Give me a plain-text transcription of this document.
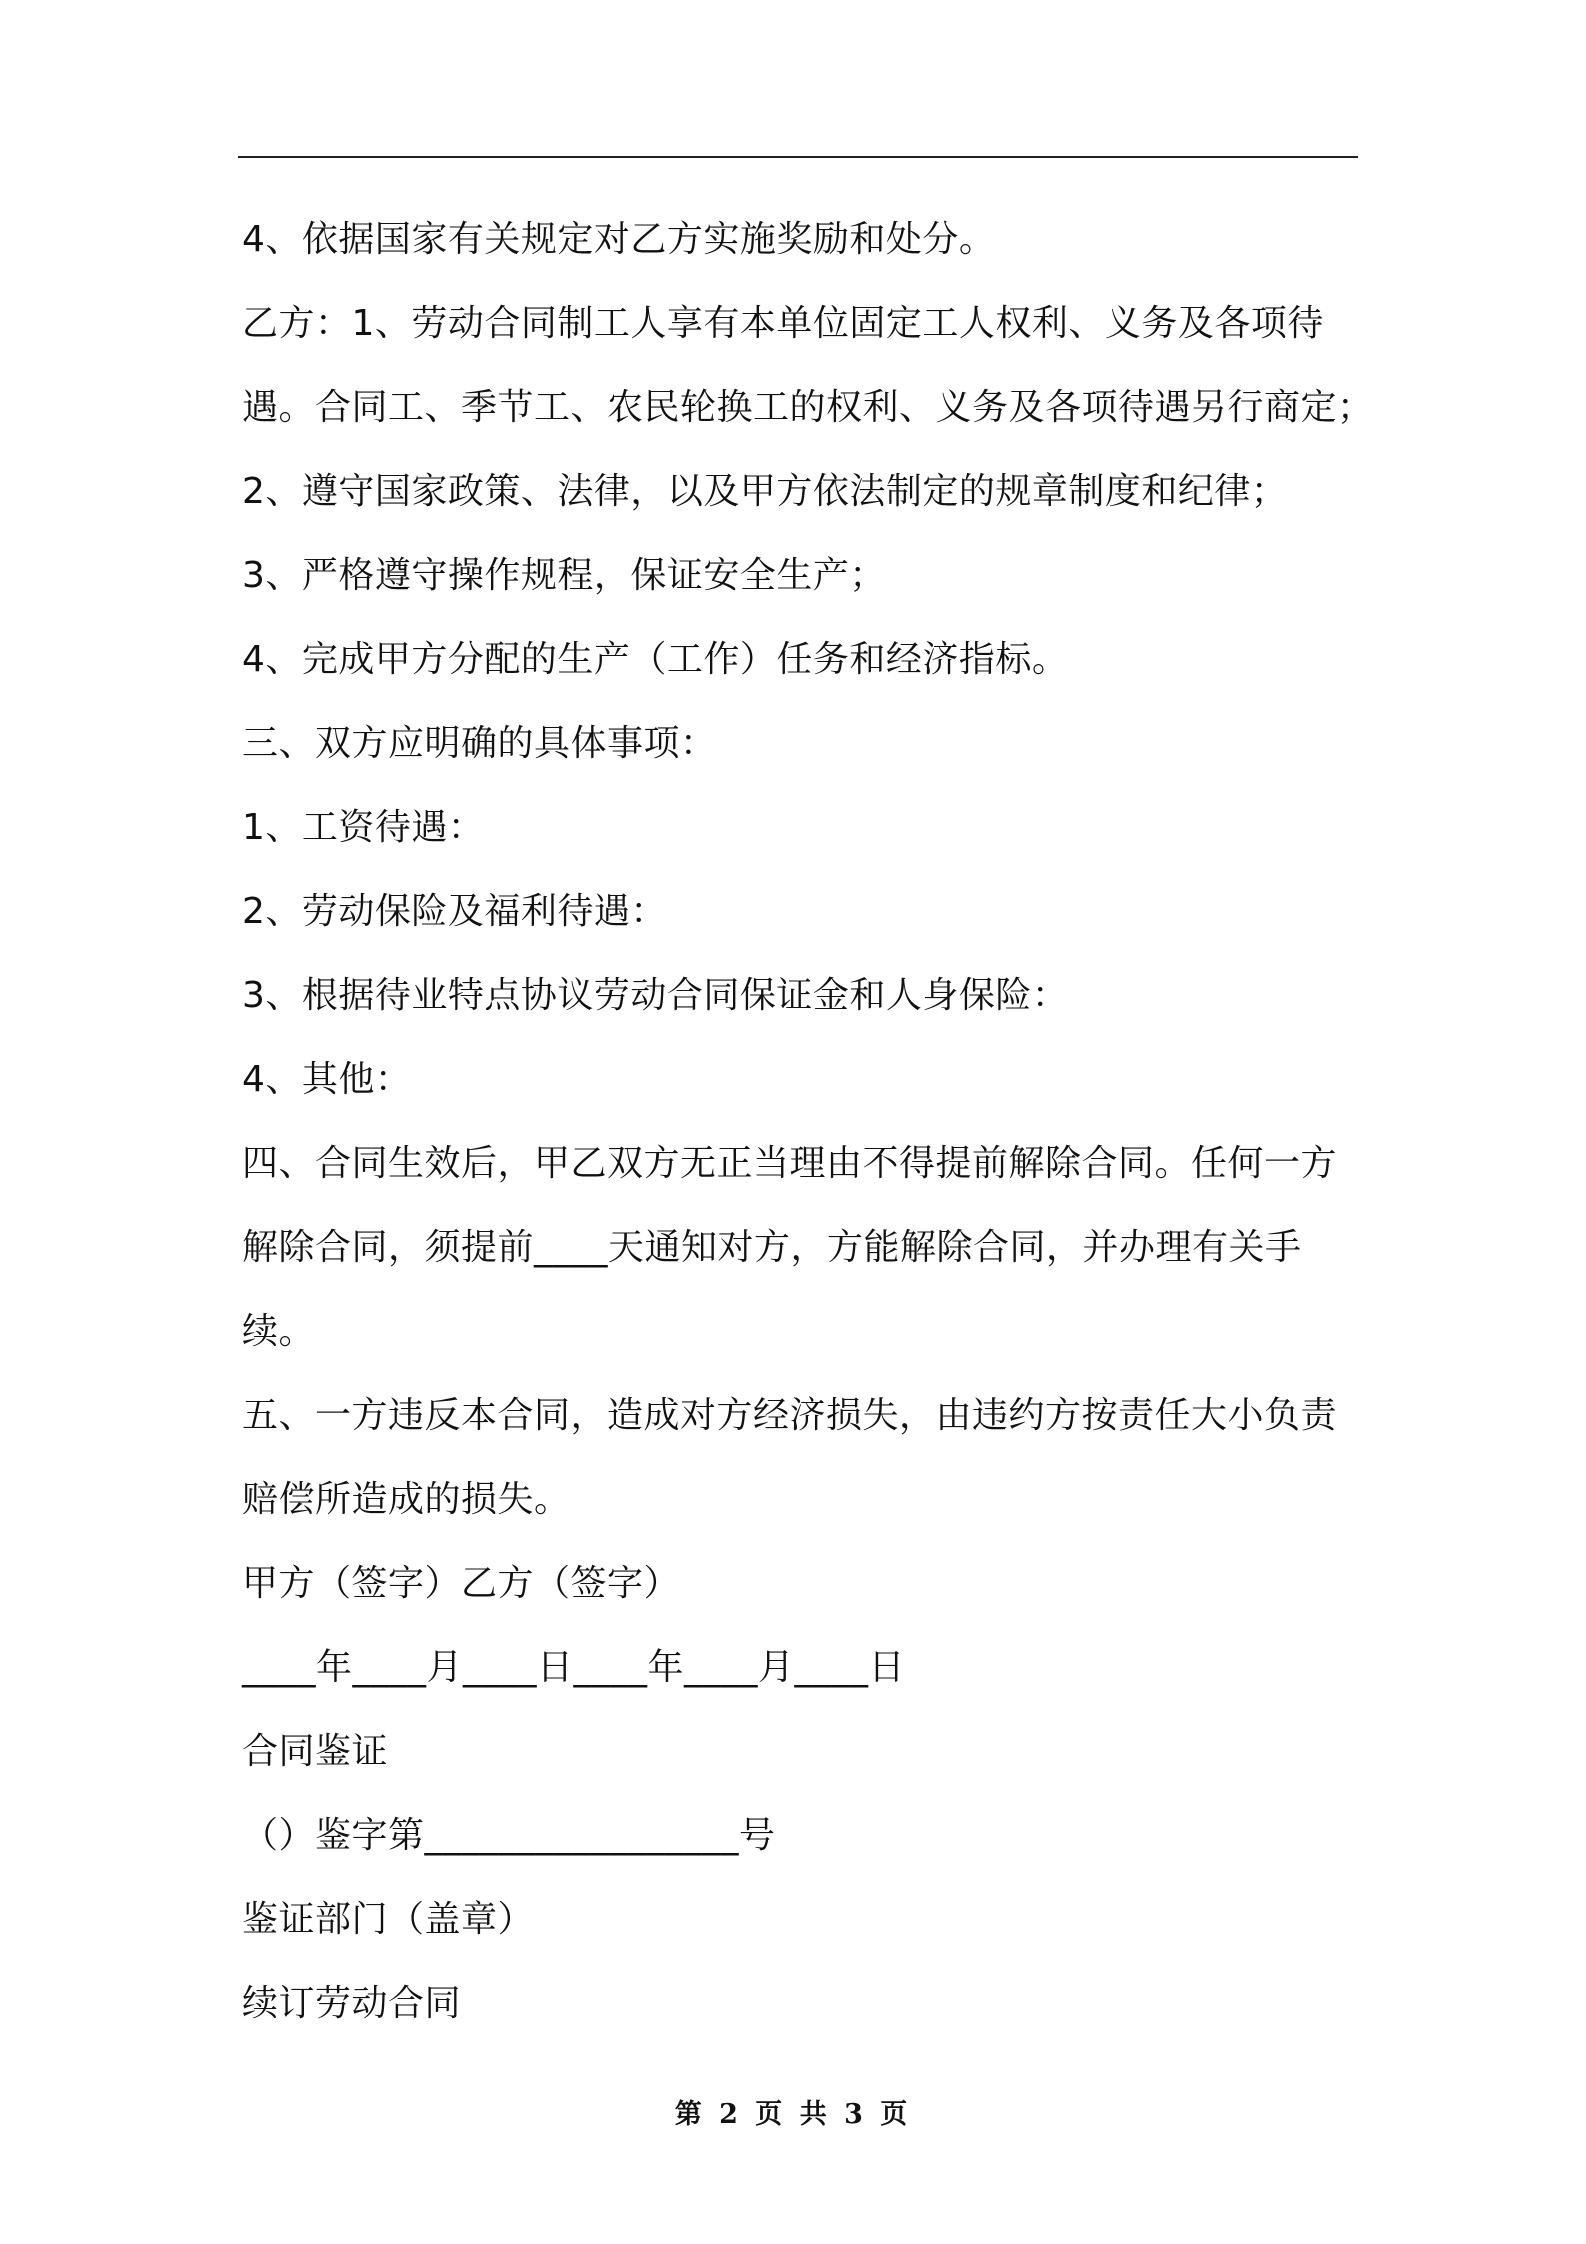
4、依据国家有关规定对乙方实施奖励和处分。
乙方：1、劳动合同制工人享有本单位固定工人权利、义务及各项待
遇。合同工、季节工、农民轮换工的权利、义务及各项待遇另行商定；
2、遵守国家政策、法律，以及甲方依法制定的规章制度和纪律；
3、严格遵守操作规程，保证安全生产；
4、完成甲方分配的生产（工作）任务和经济指标。
三、双方应明确的具体事项：
1、工资待遇：
2、劳动保险及福利待遇：
3、根据待业特点协议劳动合同保证金和人身保险：
4、其他：
四、合同生效后，甲乙双方无正当理由不得提前解除合同。任何一方
解除合同，须提前____天通知对方，方能解除合同，并办理有关手
续。
五、一方违反本合同，造成对方经济损失，由违约方按责任大小负责
赔偿所造成的损失。
甲方（签字）乙方（签字）
____年____月____日____年____月____日
合同鉴证
（）鉴字第_________________号
鉴证部门（盖章）
续订劳动合同
第 2 页 共 3 页
